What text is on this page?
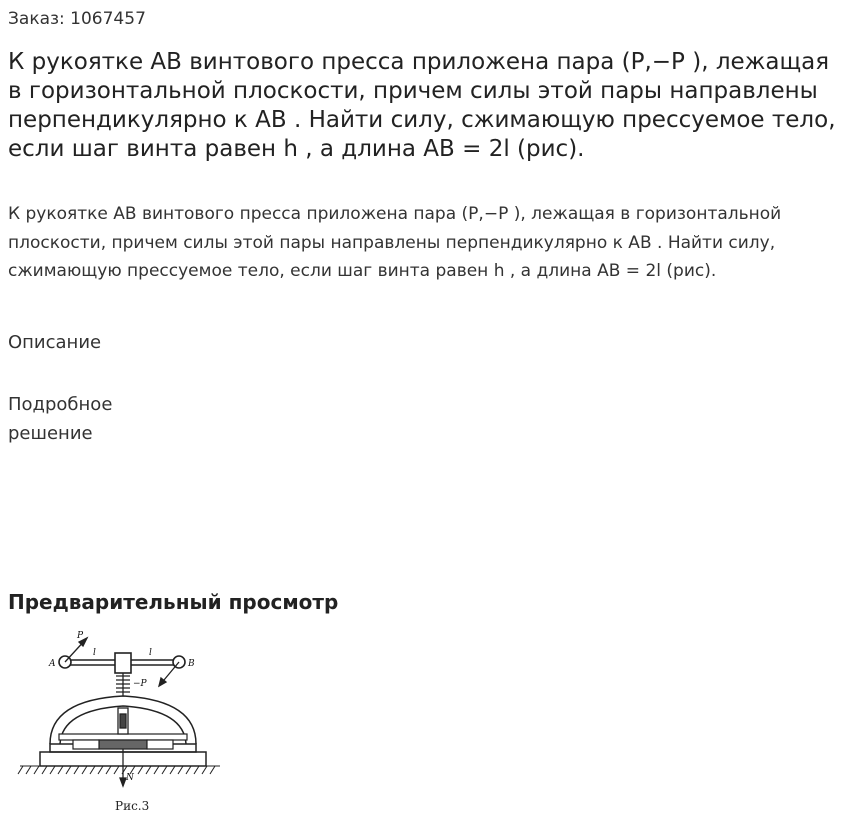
Заказ: 1067457
К рукоятке АВ винтового пресса приложена пара (P,−P ), лежащая в горизонтальной плоскости, причем силы этой пары направлены перпендикулярно к АВ . Найти силу, сжимающую прессуемое тело, если шаг винта равен h , а длина АВ = 2l (рис).

К рукоятке АВ винтового пресса приложена пара (P,−P ), лежащая в горизонтальной плоскости, причем силы этой пары направлены перпендикулярно к АВ . Найти силу, сжимающую прессуемое тело, если шаг винта равен h , а длина АВ = 2l (рис).

Описание
Подробное решение
Предварительный просмотр
A	B
P
−P
l	l
N
Рис.3
